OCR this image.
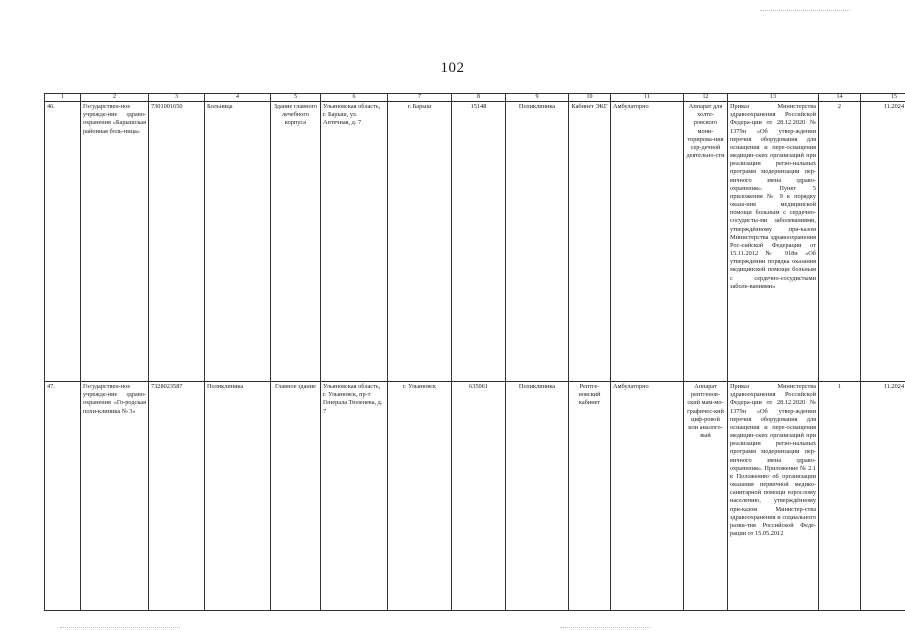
102
1	2	3	4	5	6	7	8	9	10	11	12	13	14	15
46.	Государствен-ное учрежде-ние здраво-охранения «Барышская районная боль-ница»	7301001650	Больница	Здание главного лечебного корпуса	Ульяновская область, г. Барыш, ул. Аптечная, д. 7	г. Барыш	15148	Поликлиника	Кабинет ЭКГ	Амбулаторно	Аппарат для холте-ровского мони-торирова-ния сер-дечной деятельно-сти	Приказ Министерства здравоохранения Российской Федера-ции от 28.12.2020 № 1379н «Об утвер-ждении перечня оборудования для оснащения и пере-оснащения медицин-ских организаций при реализации регио-нальных программ модернизации пер-вичного звена здраво-охранения». Пункт 5 приложения № 9 к порядку оказа-ния медицинской помощи больным с сердечно-сосудисты-ми заболеваниями, утверждённому при-казом Министерства здравоохранения Рос-сийской Федерации от 15.11.2012 № 918н «Об утверждении порядка оказания медицинской помощи больным с сердечно-сосудистыми заболе-ваниями»	2	11.2024
47.	Государствен-ное учрежде-ние здраво-охранения «Го-родская поли-клиника № 3»	7328023587	Поликлиника	Главное здание	Ульяновская область, г. Ульяновск, пр-т Генерала Тюленева, д. 7	г. Ульяновск	635061	Поликлиника	Рентге-новский кабинет	Амбулаторно	Аппарат рентгенов-ский мам-мо-графичес-кий циф-ровой или аналого-вый	Приказ Министерства здравоохранения Российской Федера-ции от 28.12.2020 № 1379н «Об утвер-ждении перечня оборудования для оснащения и пере-оснащения медицин-ских организаций при реализации регио-нальных программ модернизации пер-вичного звена здраво-охранения». Приложение № 2.1 к Положению об организации оказания первичной медико-санитарной помощи взрослому населению, утверждённому при-казом Министер-ства здравоохранения и социального разви-тия Российской Феде-рации от 15.05.2012	1	11.2024
